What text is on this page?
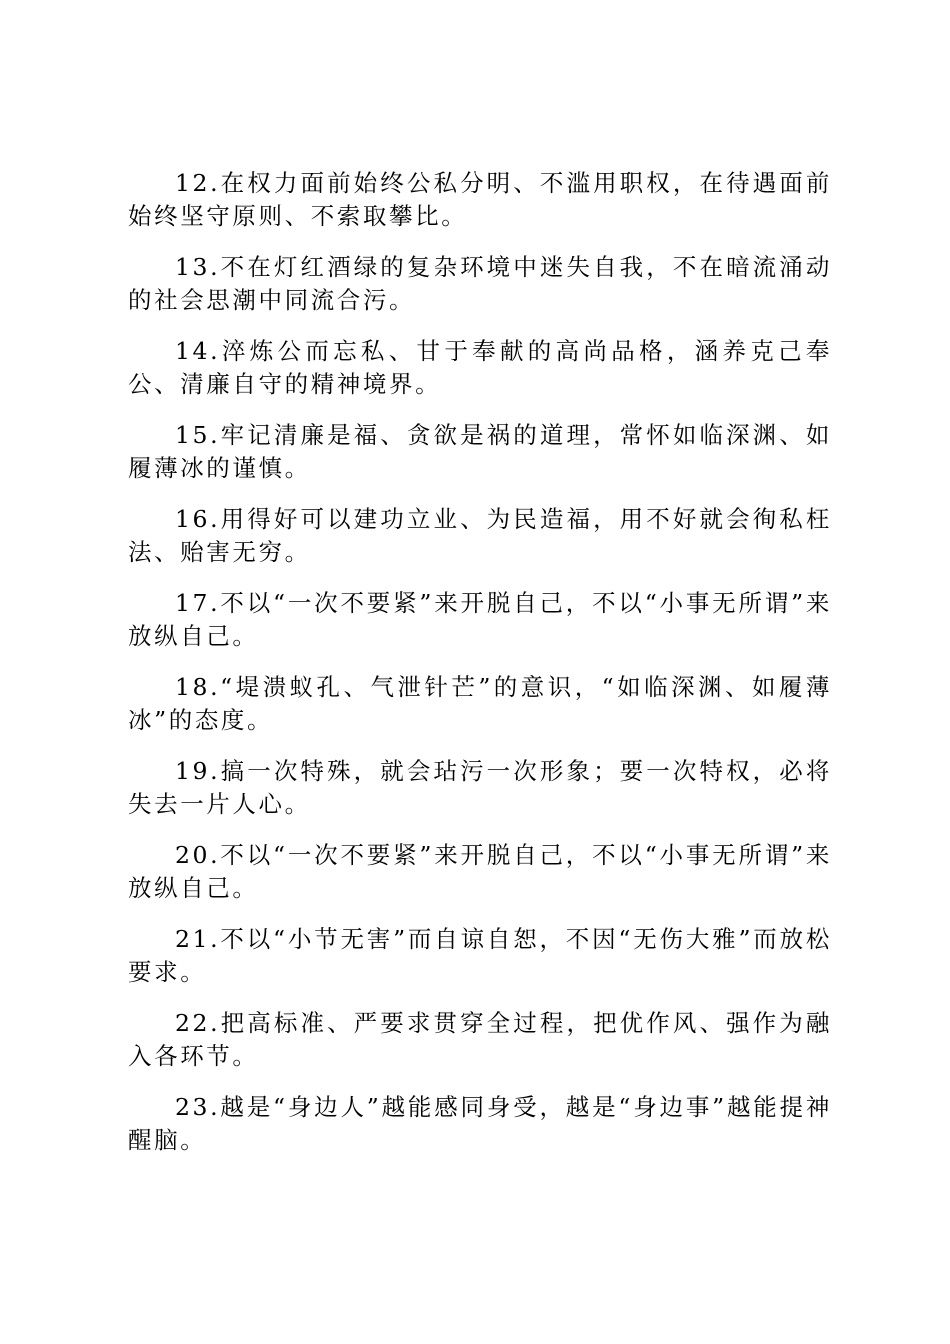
12.在权力面前始终公私分明、不滥用职权，在待遇面前始终坚守原则、不索取攀比。

13.不在灯红酒绿的复杂环境中迷失自我，不在暗流涌动的社会思潮中同流合污。

14.淬炼公而忘私、甘于奉献的高尚品格，涵养克己奉公、清廉自守的精神境界。

15.牢记清廉是福、贪欲是祸的道理，常怀如临深渊、如履薄冰的谨慎。

16.用得好可以建功立业、为民造福，用不好就会徇私枉法、贻害无穷。

17.不以“一次不要紧”来开脱自己，不以“小事无所谓”来放纵自己。

18.“堤溃蚁孔、气泄针芒”的意识，“如临深渊、如履薄冰”的态度。

19.搞一次特殊，就会玷污一次形象；要一次特权，必将失去一片人心。

20.不以“一次不要紧”来开脱自己，不以“小事无所谓”来放纵自己。

21.不以“小节无害”而自谅自恕，不因“无伤大雅”而放松要求。

22.把高标准、严要求贯穿全过程，把优作风、强作为融入各环节。

23.越是“身边人”越能感同身受，越是“身边事”越能提神醒脑。
